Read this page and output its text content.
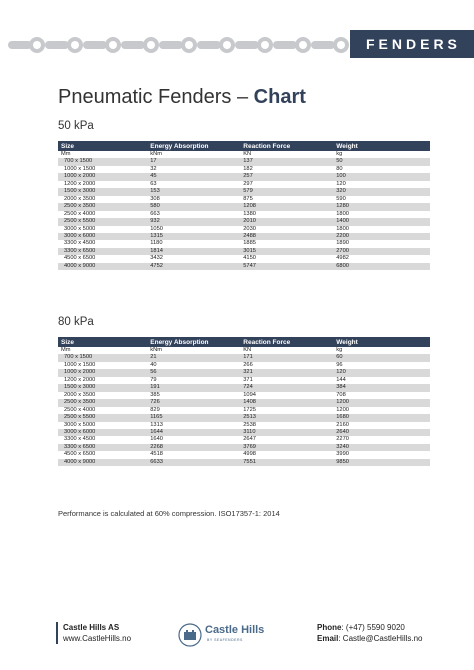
FENDERS
Pneumatic Fenders – Chart
50 kPa
Size	Energy Absorption	Reaction Force	Weight
Mm	kNm	KN	kg
700 x 1500	17	137	50
1000 x 1500	32	182	80
1000 x 2000	45	257	100
1200 x 2000	63	297	120
1500 x 3000	153	579	320
2000 x 3500	308	875	590
2500 x 3500	580	1208	1280
2500 x 4000	663	1380	1800
2500 x 5500	932	2010	1400
3000 x 5000	1050	2030	1800
3000 x 6000	1315	2488	2200
3300 x 4500	1180	1885	1890
3300 x 6500	1814	3015	2700
4500 x 6500	3432	4150	4982
4000 x 9000	4752	5747	6800
80 kPa
Size	Energy Absorption	Reaction Force	Weight
Mm	kNm	KN	kg
700 x 1500	21	171	60
1000 x 1500	40	266	96
1000 x 2000	56	321	120
1200 x 2000	79	371	144
1500 x 3000	191	724	384
2000 x 3500	385	1094	708
2500 x 3500	726	1408	1200
2500 x 4000	829	1725	1200
2500 x 5500	1165	2513	1680
3000 x 5000	1313	2538	2160
3000 x 6000	1644	3110	2640
3300 x 4500	1640	2647	2270
3300 x 6500	2268	3769	3240
4500 x 6500	4518	4998	3990
4000 x 9000	6633	7551	9850
Performance is calculated at 60% compression. ISO17357-1: 2014
Castle Hills AS
www.CastleHills.no
Castle Hills
BY SEAFENDERS
Phone: (+47) 5590 9020
Email: Castle@CastleHills.no
